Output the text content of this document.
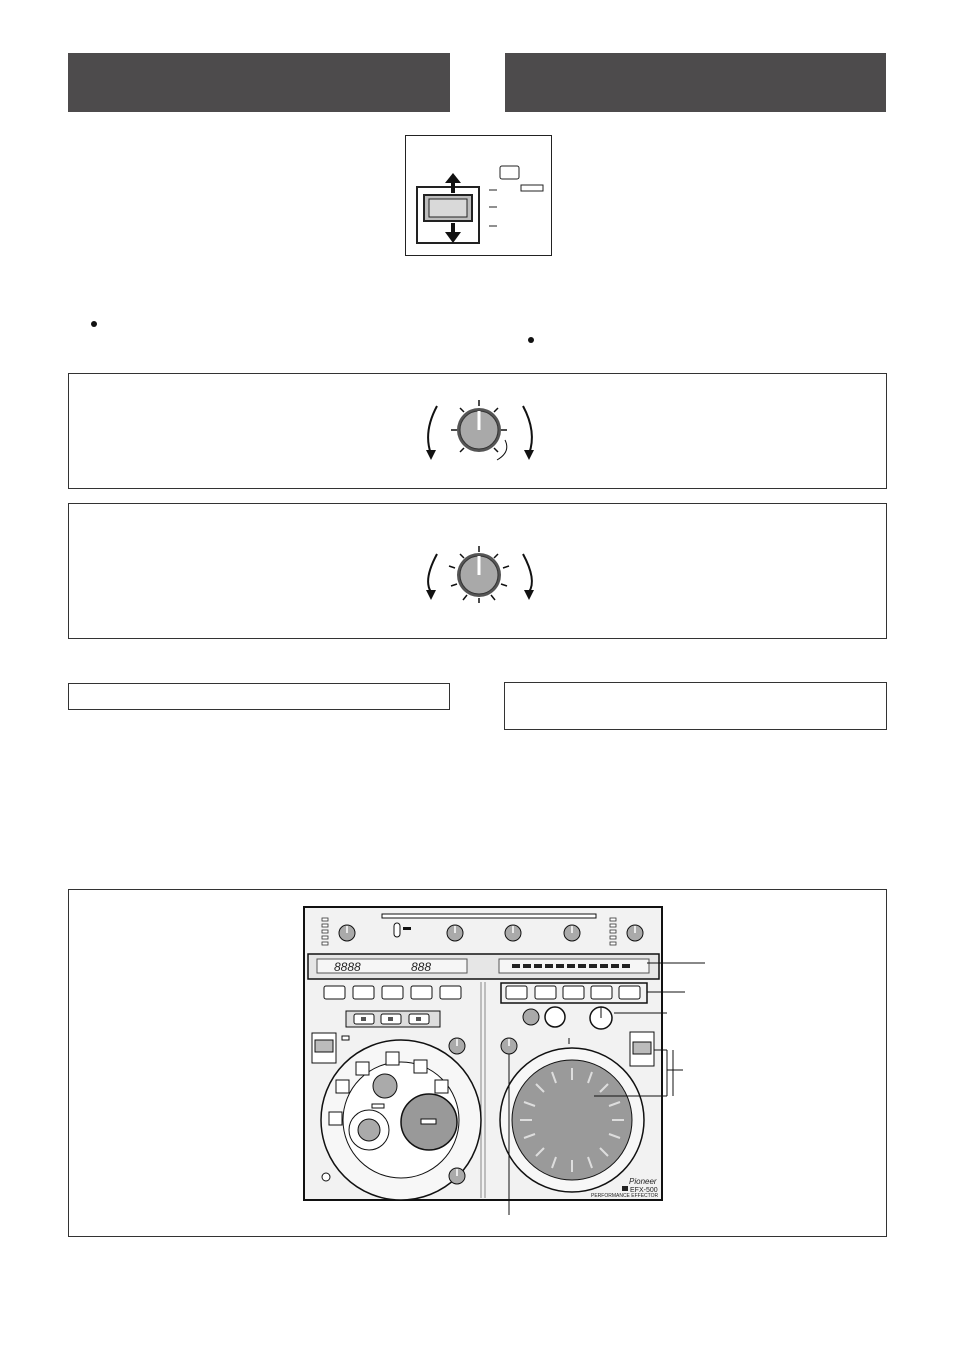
8888	888
Pioneer
EFX-500
PERFORMANCE EFFECTOR
